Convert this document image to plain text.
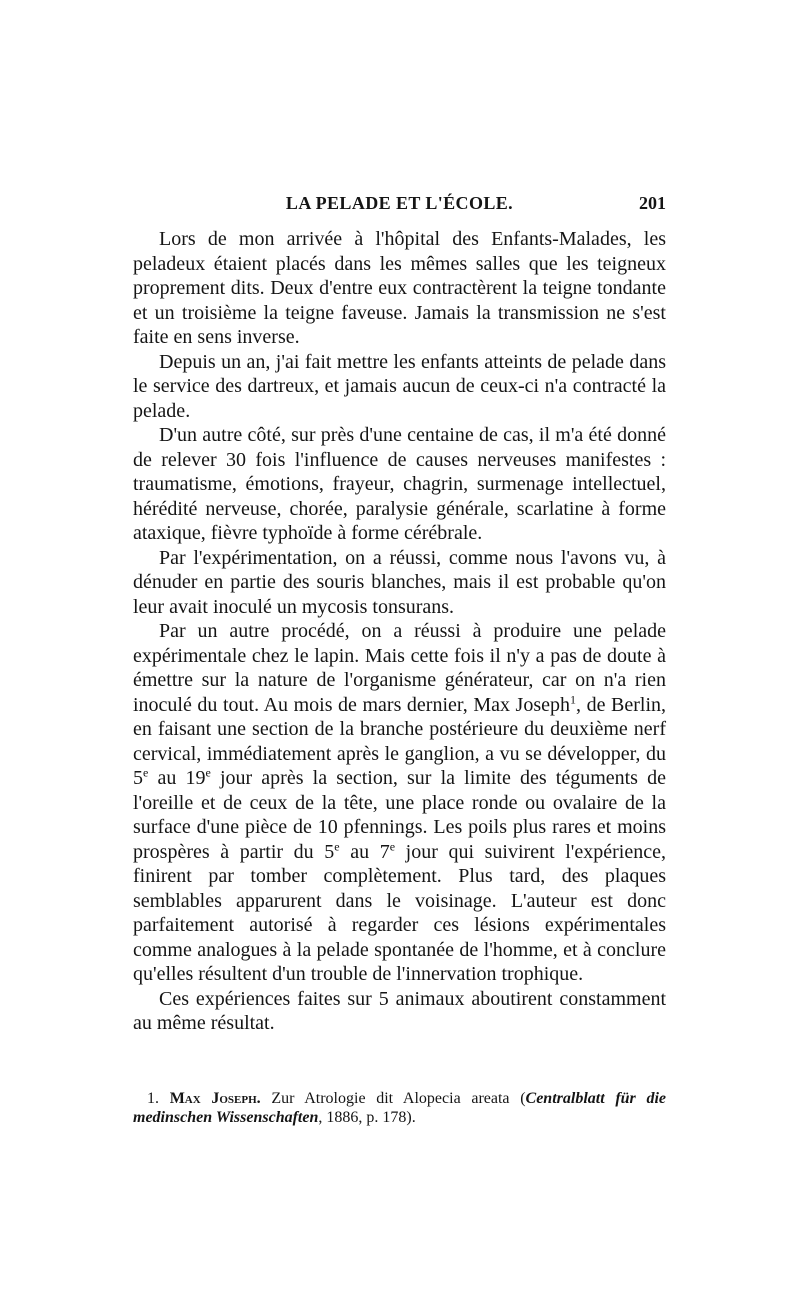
LA PELADE ET L'ÉCOLE.	201

Lors de mon arrivée à l'hôpital des Enfants-Malades, les peladeux étaient placés dans les mêmes salles que les teigneux proprement dits. Deux d'entre eux contractèrent la teigne tondante et un troisième la teigne faveuse. Jamais la transmission ne s'est faite en sens inverse.

Depuis un an, j'ai fait mettre les enfants atteints de pelade dans le service des dartreux, et jamais aucun de ceux-ci n'a contracté la pelade.

D'un autre côté, sur près d'une centaine de cas, il m'a été donné de relever 30 fois l'influence de causes nerveuses manifestes : traumatisme, émotions, frayeur, chagrin, surmenage intellectuel, hérédité nerveuse, chorée, paralysie générale, scarlatine à forme ataxique, fièvre typhoïde à forme cérébrale.

Par l'expérimentation, on a réussi, comme nous l'avons vu, à dénuder en partie des souris blanches, mais il est probable qu'on leur avait inoculé un mycosis tonsurans.

Par un autre procédé, on a réussi à produire une pelade expérimentale chez le lapin. Mais cette fois il n'y a pas de doute à émettre sur la nature de l'organisme générateur, car on n'a rien inoculé du tout. Au mois de mars dernier, Max Joseph$^1$, de Berlin, en faisant une section de la branche postérieure du deuxième nerf cervical, immédiatement après le ganglion, a vu se développer, du 5e au 19e jour après la section, sur la limite des téguments de l'oreille et de ceux de la tête, une place ronde ou ovalaire de la surface d'une pièce de 10 pfennings. Les poils plus rares et moins prospères à partir du 5e au 7e jour qui suivirent l'expérience, finirent par tomber complètement. Plus tard, des plaques semblables apparurent dans le voisinage. L'auteur est donc parfaitement autorisé à regarder ces lésions expérimentales comme analogues à la pelade spontanée de l'homme, et à conclure qu'elles résultent d'un trouble de l'innervation trophique.

Ces expériences faites sur 5 animaux aboutirent constamment au même résultat.

1. Max Joseph. Zur Atrologie dit Alopecia areata (Centralblatt für die medinschen Wissenschaften, 1886, p. 178).
